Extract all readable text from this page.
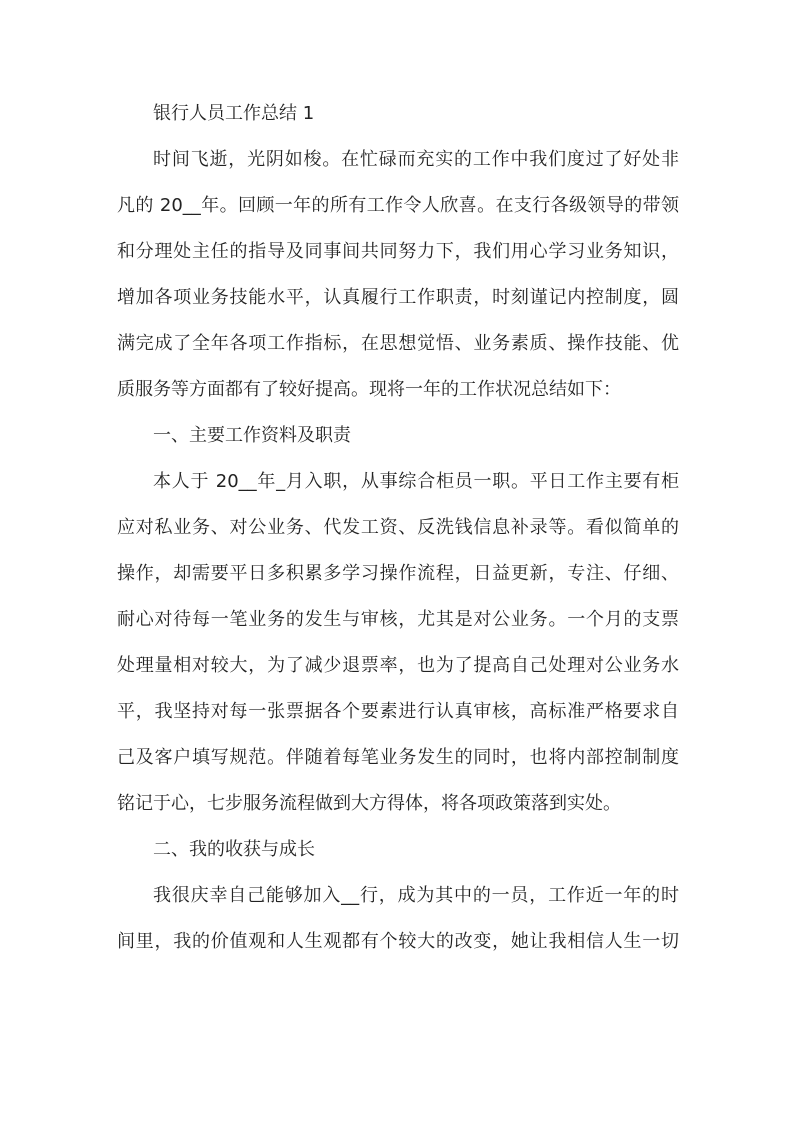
银行人员工作总结 1
时间飞逝，光阴如梭。在忙碌而充实的工作中我们度过了好处非
凡的 20__年。回顾一年的所有工作令人欣喜。在支行各级领导的带领
和分理处主任的指导及同事间共同努力下，我们用心学习业务知识，
增加各项业务技能水平，认真履行工作职责，时刻谨记内控制度，圆
满完成了全年各项工作指标，在思想觉悟、业务素质、操作技能、优
质服务等方面都有了较好提高。现将一年的工作状况总结如下：
一、主要工作资料及职责
本人于 20__年_月入职，从事综合柜员一职。平日工作主要有柜
应对私业务、对公业务、代发工资、反洗钱信息补录等。看似简单的
操作，却需要平日多积累多学习操作流程，日益更新，专注、仔细、
耐心对待每一笔业务的发生与审核，尤其是对公业务。一个月的支票
处理量相对较大，为了减少退票率，也为了提高自己处理对公业务水
平，我坚持对每一张票据各个要素进行认真审核，高标准严格要求自
己及客户填写规范。伴随着每笔业务发生的同时，也将内部控制制度
铭记于心，七步服务流程做到大方得体，将各项政策落到实处。
二、我的收获与成长
我很庆幸自己能够加入__行，成为其中的一员，工作近一年的时
间里，我的价值观和人生观都有个较大的改变，她让我相信人生一切
